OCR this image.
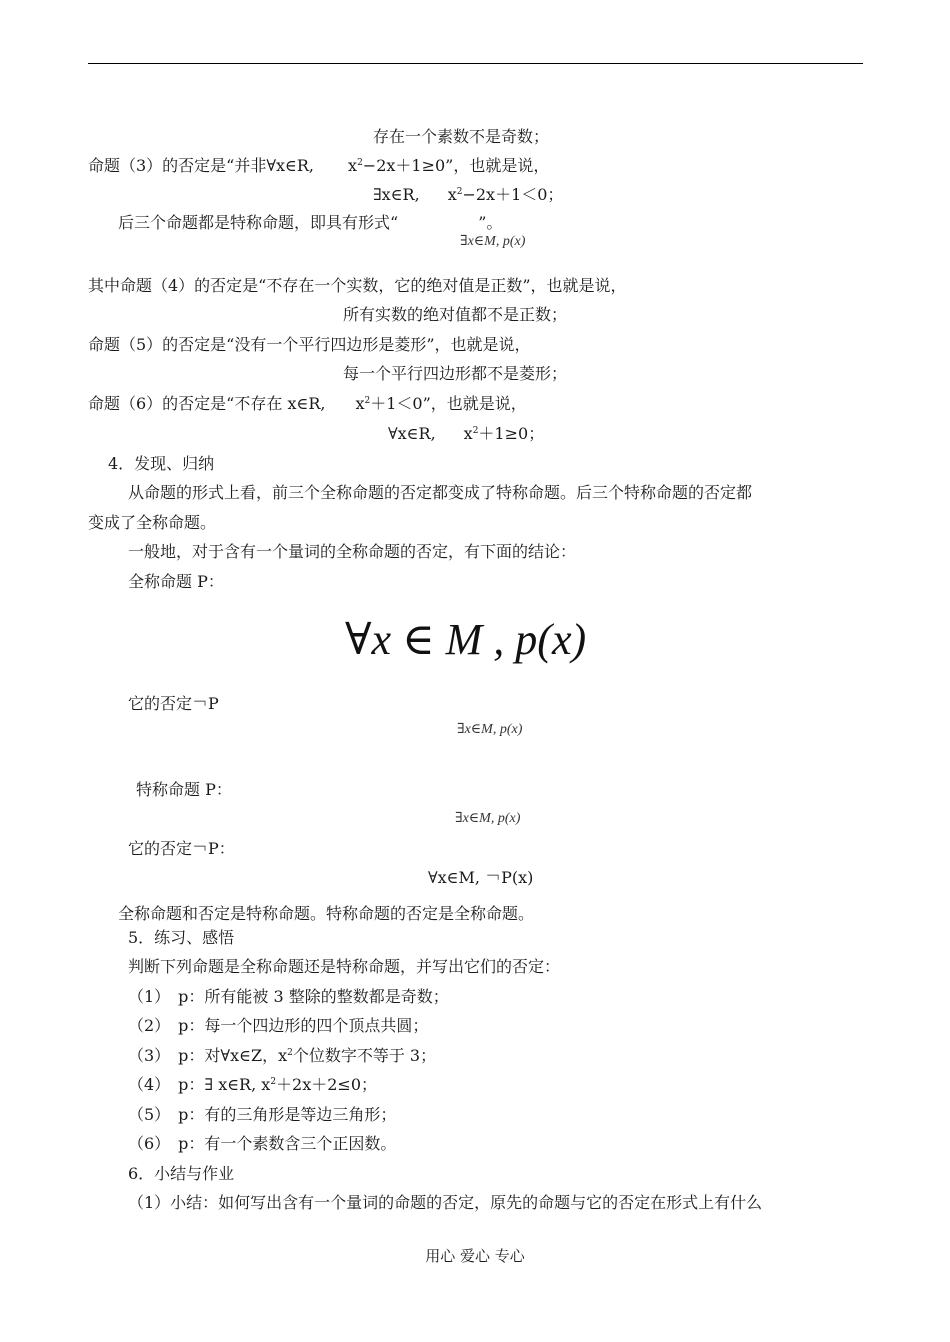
存在一个素数不是奇数；
命题（3）的否定是“并非∀x∈R, $x^2-2x+1\ge 0$”，也就是说，
∃x∈R, $x^2-2x+1<0$；
后三个命题都是特称命题，即具有形式“	”。
∃x∈M, p(x)
其中命题（4）的否定是“不存在一个实数，它的绝对值是正数”，也就是说，
所有实数的绝对值都不是正数；
命题（5）的否定是“没有一个平行四边形是菱形”，也就是说，
每一个平行四边形都不是菱形；
命题（6）的否定是“不存在 x∈R, $x^2+1<0$”，也就是说，
∀x∈R, $x^2+1\ge 0$；
4．发现、归纳
从命题的形式上看，前三个全称命题的否定都变成了特称命题。后三个特称命题的否定都
变成了全称命题。
一般地，对于含有一个量词的全称命题的否定，有下面的结论：
全称命题 P：
∀x ∈ M , p(x)
它的否定￢P
∃x∈M, p(x)
特称命题 P：
∃x∈M, p(x)
它的否定￢P：
∀x∈M, ￢P(x)
全称命题和否定是特称命题。特称命题的否定是全称命题。
5．练习、感悟
判断下列命题是全称命题还是特称命题，并写出它们的否定：
（1）　p：所有能被 3 整除的整数都是奇数；
（2）　p：每一个四边形的四个顶点共圆；
（3）　p：对∀x∈Z，$x^2$个位数字不等于 3；
（4）　p：∃ x∈R, $x^2+2x+2\le 0$；
（5）　p：有的三角形是等边三角形；
（6）　p：有一个素数含三个正因数。
6．小结与作业
（1）小结：如何写出含有一个量词的命题的否定，原先的命题与它的否定在形式上有什么
用心 爱心 专心
